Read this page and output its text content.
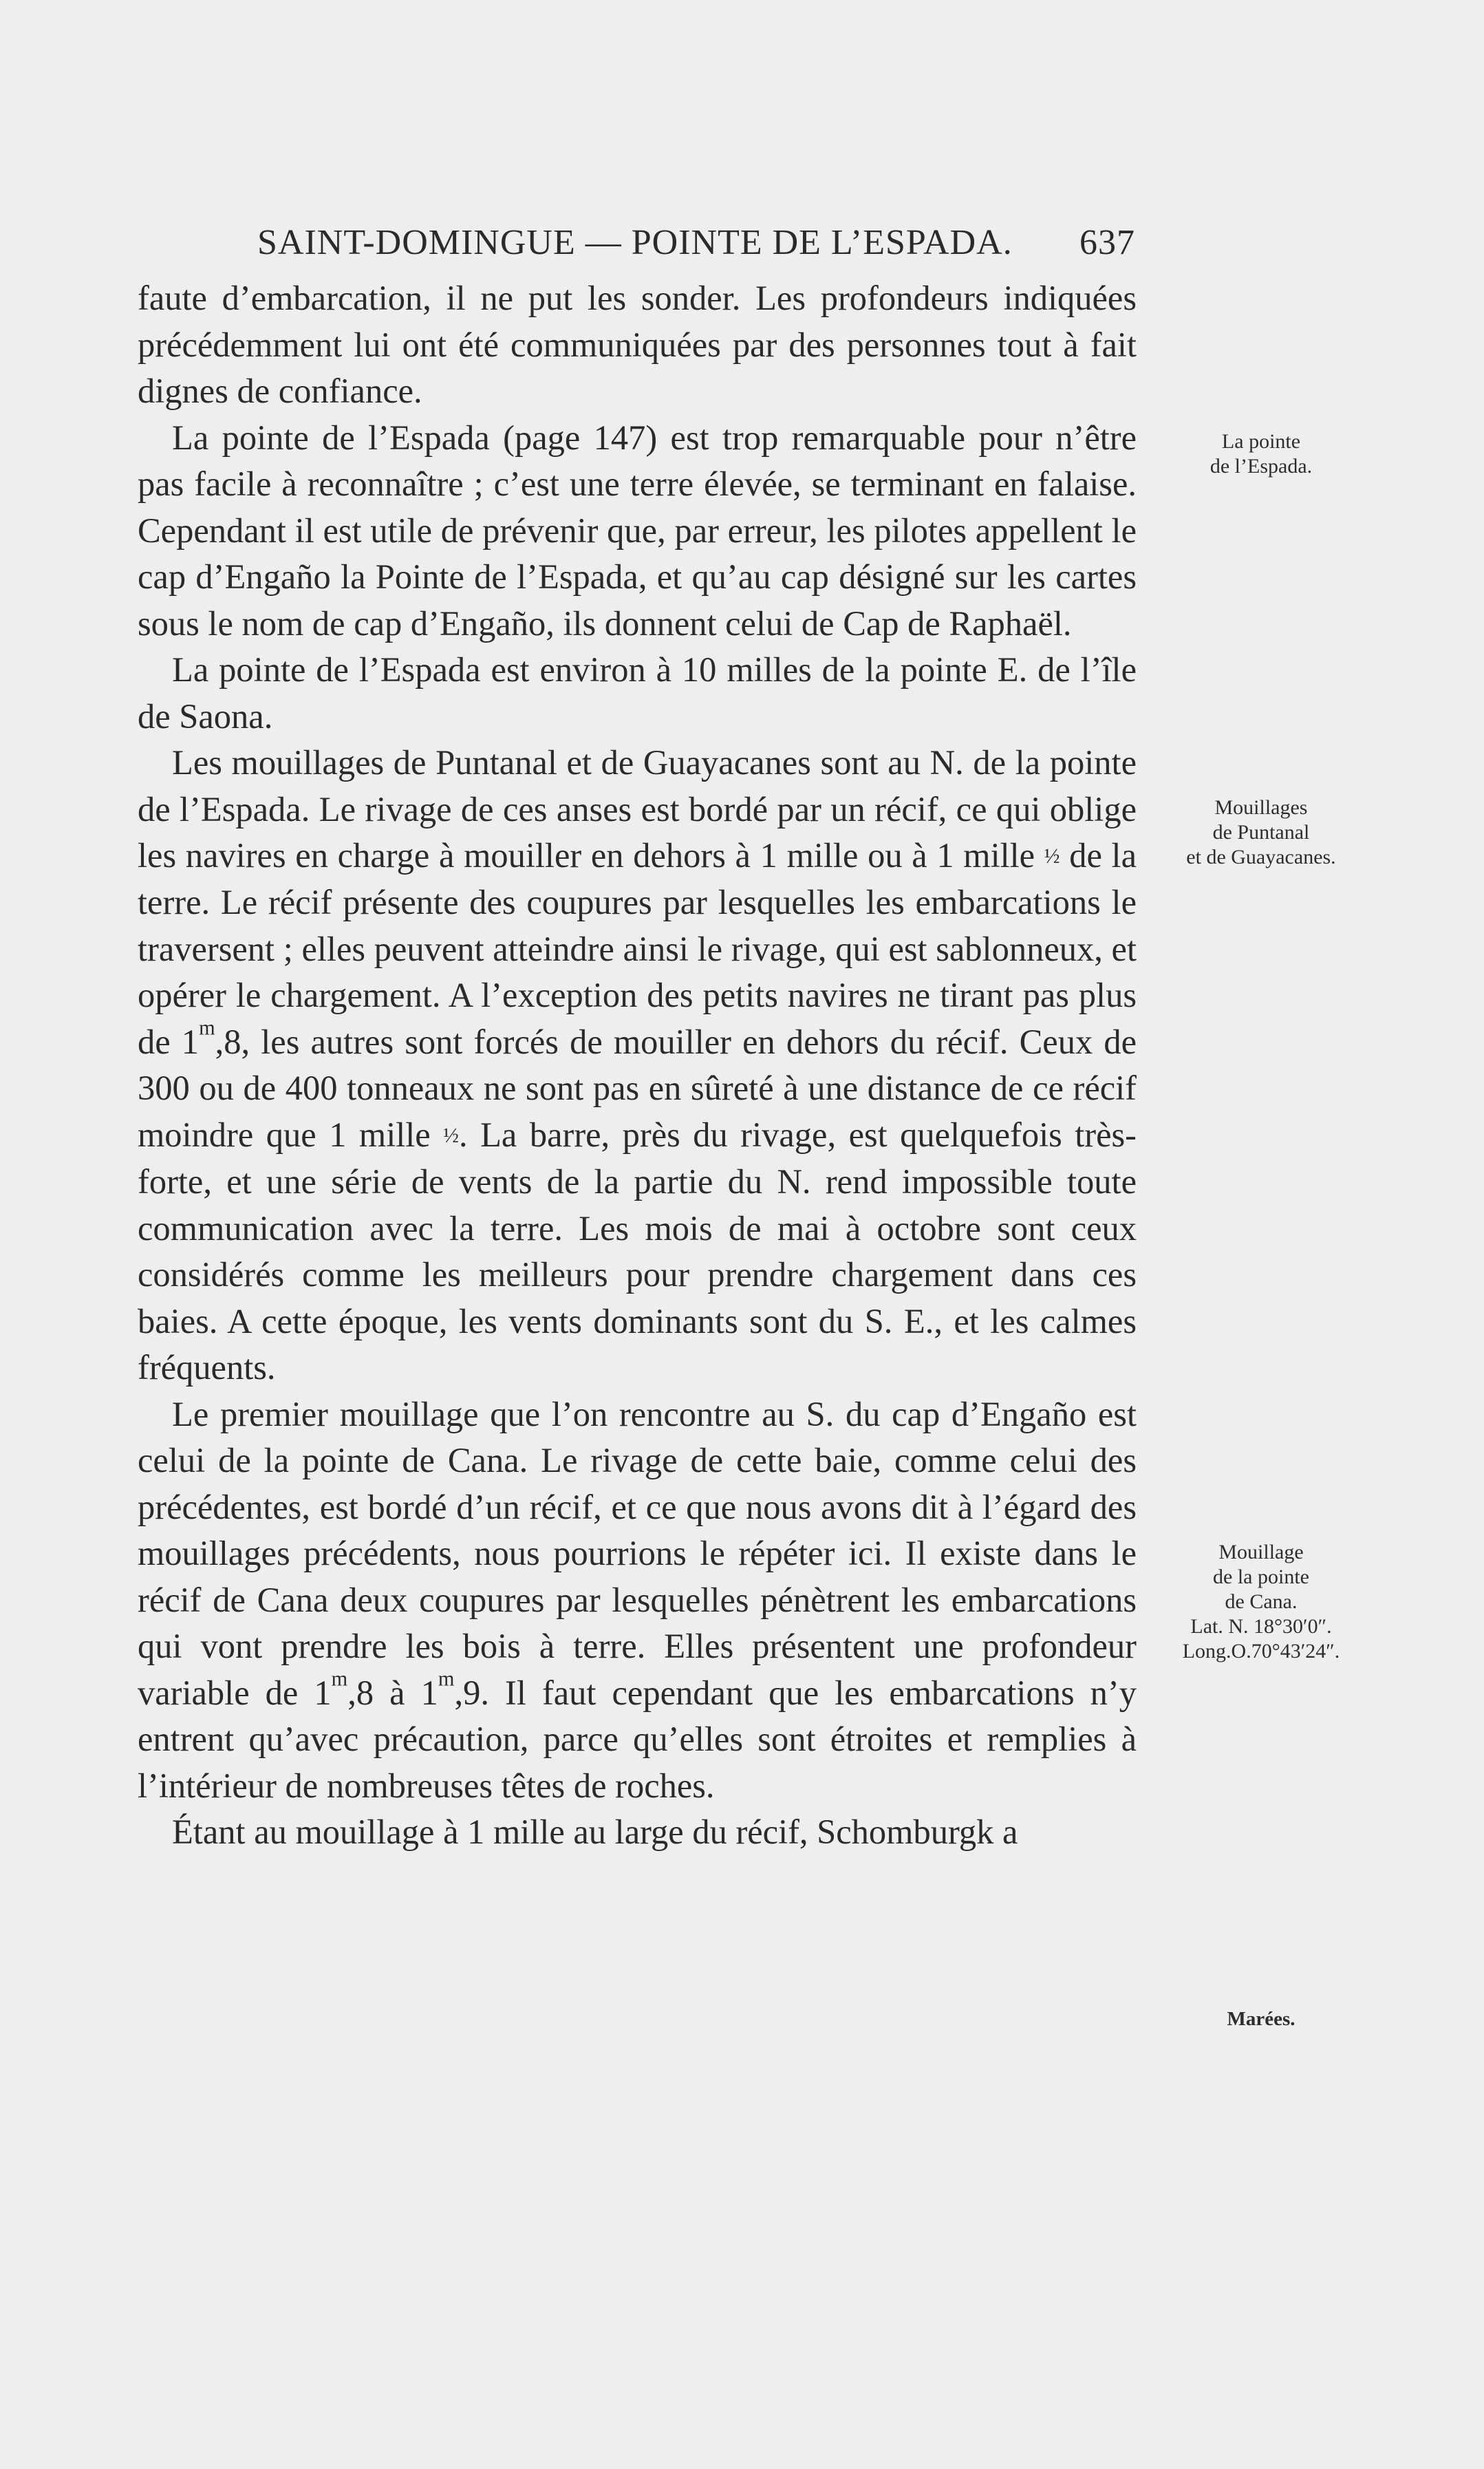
SAINT-DOMINGUE — POINTE DE L’ESPADA. 637

faute d’embarcation, il ne put les sonder. Les profondeurs indiquées précédemment lui ont été communiquées par des personnes tout à fait dignes de confiance.

La pointe de l’Espada (page 147) est trop remarquable pour n’être pas facile à reconnaître ; c’est une terre élevée, se terminant en falaise. Cependant il est utile de prévenir que, par erreur, les pilotes appellent le cap d’Engaño la Pointe de l’Espada, et qu’au cap désigné sur les cartes sous le nom de cap d’Engaño, ils donnent celui de Cap de Raphaël.

La pointe de l’Espada est environ à 10 milles de la pointe E. de l’île de Saona.

Les mouillages de Puntanal et de Guayacanes sont au N. de la pointe de l’Espada. Le rivage de ces anses est bordé par un récif, ce qui oblige les navires en charge à mouiller en dehors à 1 mille ou à 1 mille ½ de la terre. Le récif présente des coupures par lesquelles les embarcations le traversent ; elles peuvent atteindre ainsi le rivage, qui est sablonneux, et opérer le chargement. A l’exception des petits navires ne tirant pas plus de 1$^m$,8, les autres sont forcés de mouiller en dehors du récif. Ceux de 300 ou de 400 tonneaux ne sont pas en sûreté à une distance de ce récif moindre que 1 mille ½. La barre, près du rivage, est quelquefois très-forte, et une série de vents de la partie du N. rend impossible toute communication avec la terre. Les mois de mai à octobre sont ceux considérés comme les meilleurs pour prendre chargement dans ces baies. A cette époque, les vents dominants sont du S. E., et les calmes fréquents.

Le premier mouillage que l’on rencontre au S. du cap d’Engaño est celui de la pointe de Cana. Le rivage de cette baie, comme celui des précédentes, est bordé d’un récif, et ce que nous avons dit à l’égard des mouillages précédents, nous pourrions le répéter ici. Il existe dans le récif de Cana deux coupures par lesquelles pénètrent les embarcations qui vont prendre les bois à terre. Elles présentent une profondeur variable de 1$^m$,8 à 1$^m$,9. Il faut cependant que les embarcations n’y entrent qu’avec précaution, parce qu’elles sont étroites et remplies à l’intérieur de nombreuses têtes de roches.

Étant au mouillage à 1 mille au large du récif, Schomburgk a

La pointe
de l’Espada.
Mouillages
de Puntanal
et de Guayacanes.
Mouillage
de la pointe
de Cana.

Lat. N. 18°30′0″.
Long.O.70°43′24″.
Marées.
